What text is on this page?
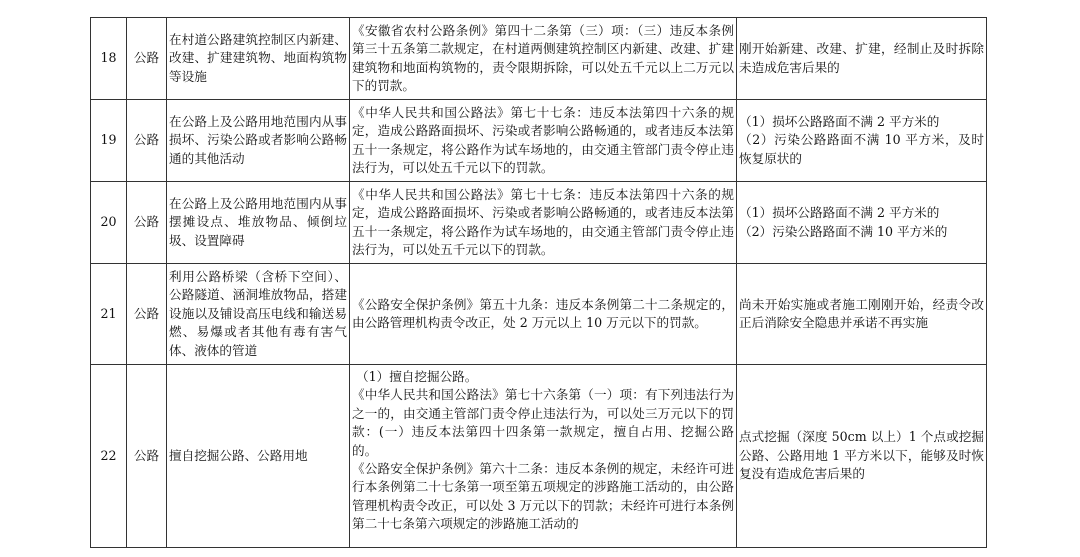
18	公路	在村道公路建筑控制区内新建、改建、扩建建筑物、地面构筑物等设施	《安徽省农村公路条例》第四十二条第（三）项：（三）违反本条例第三十五条第二款规定，在村道两侧建筑控制区内新建、改建、扩建建筑物和地面构筑物的，责令限期拆除，可以处五千元以上二万元以下的罚款。	刚开始新建、改建、扩建，经制止及时拆除未造成危害后果的
19	公路	在公路上及公路用地范围内从事损坏、污染公路或者影响公路畅通的其他活动	《中华人民共和国公路法》第七十七条：违反本法第四十六条的规定，造成公路路面损坏、污染或者影响公路畅通的，或者违反本法第五十一条规定，将公路作为试车场地的，由交通主管部门责令停止违法行为，可以处五千元以下的罚款。	（1）损坏公路路面不满 2 平方米的
（2）污染公路路面不满 10 平方米，及时恢复原状的

20	公路	在公路上及公路用地范围内从事摆摊设点、堆放物品、倾倒垃圾、设置障碍	《中华人民共和国公路法》第七十七条：违反本法第四十六条的规定，造成公路路面损坏、污染或者影响公路畅通的，或者违反本法第五十一条规定，将公路作为试车场地的，由交通主管部门责令停止违法行为，可以处五千元以下的罚款。	（1）损坏公路路面不满 2 平方米的
（2）污染公路路面不满 10 平方米的

21	公路	利用公路桥梁（含桥下空间）、公路隧道、涵洞堆放物品，搭建设施以及铺设高压电线和输送易燃、易爆或者其他有毒有害气体、液体的管道	《公路安全保护条例》第五十九条：违反本条例第二十二条规定的，由公路管理机构责令改正，处 2 万元以上 10 万元以下的罚款。	尚未开始实施或者施工刚刚开始，经责令改正后消除安全隐患并承诺不再实施
22	公路	擅自挖掘公路、公路用地	（1）擅自挖掘公路。
《中华人民共和国公路法》第七十六条第（一）项：有下列违法行为之一的，由交通主管部门责令停止违法行为，可以处三万元以下的罚款：(一）违反本法第四十四条第一款规定，擅自占用、挖掘公路的。
《公路安全保护条例》第六十二条：违反本条例的规定，未经许可进行本条例第二十七条第一项至第五项规定的涉路施工活动的，由公路管理机构责令改正，可以处 3 万元以下的罚款；未经许可进行本条例第二十七条第六项规定的涉路施工活动的	点式挖掘（深度 50cm 以上）1 个点或挖掘公路、公路用地 1 平方米以下，能够及时恢复没有造成危害后果的
